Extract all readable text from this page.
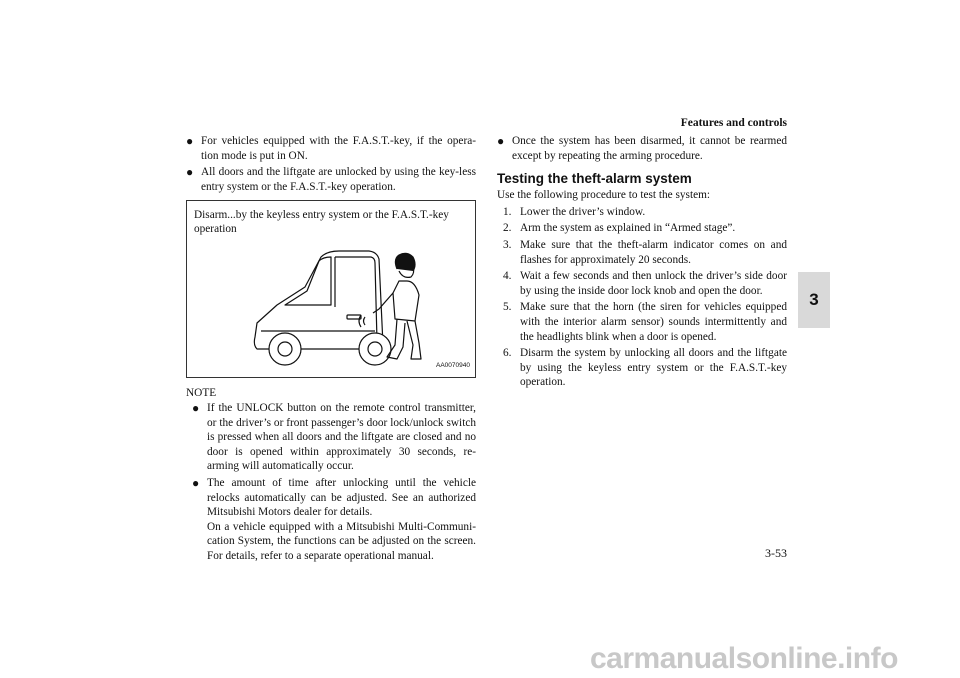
Features and controls
3
● For vehicles equipped with the F.A.S.T.-key, if the opera-tion mode is put in ON.
● All doors and the liftgate are unlocked by using the key-less entry system or the F.A.S.T.-key operation.
Disarm...by the keyless entry system or the F.A.S.T.-key operation
AA0070940
NOTE
● If the UNLOCK button on the remote control transmitter, or the driver’s or front passenger’s door lock/unlock switch is pressed when all doors and the liftgate are closed and no door is opened within approximately 30 seconds, re-arming will automatically occur.
● The amount of time after unlocking until the vehicle relocks automatically can be adjusted. See an authorized Mitsubishi Motors dealer for details.
On a vehicle equipped with a Mitsubishi Multi-Communi-cation System, the functions can be adjusted on the screen. For details, refer to a separate operational manual.
● Once the system has been disarmed, it cannot be rearmed except by repeating the arming procedure.
Testing the theft-alarm system
Use the following procedure to test the system:
1. Lower the driver’s window.
2. Arm the system as explained in “Armed stage”.
3. Make sure that the theft-alarm indicator comes on and flashes for approximately 20 seconds.
4. Wait a few seconds and then unlock the driver’s side door by using the inside door lock knob and open the door.
5. Make sure that the horn (the siren for vehicles equipped with the interior alarm sensor) sounds intermittently and the headlights blink when a door is opened.
6. Disarm the system by unlocking all doors and the liftgate by using the keyless entry system or the F.A.S.T.-key operation.
3-53
carmanualsonline.info
